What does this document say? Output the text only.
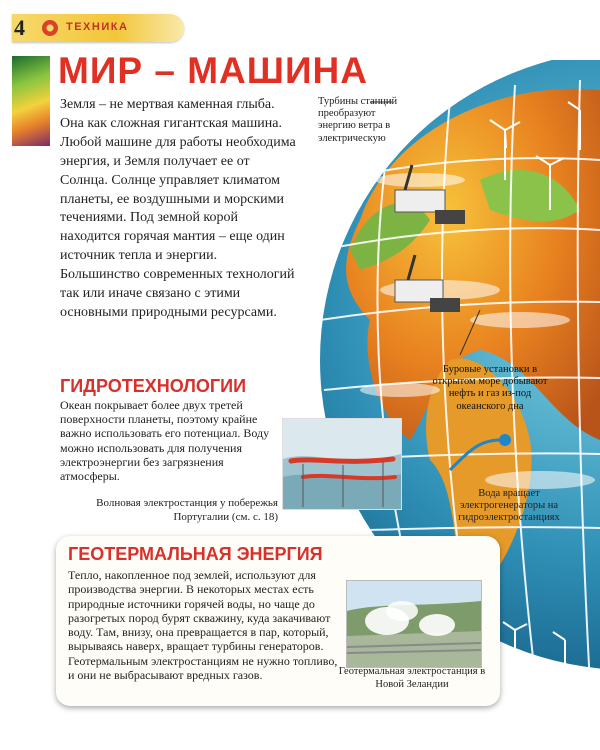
4	ТЕХНИКА
МИР – МАШИНА
Земля – не мертвая каменная глыба. Она как сложная гигантская машина. Любой машине для работы необходима энергия, и Земля получает ее от Солнца. Солнце управляет климатом планеты, ее воздушными и морскими течениями. Под земной корой находится горячая мантия – еще один источник тепла и энергии. Большинство современных технологий так или иначе связано с этими основными природными ресурсами.
Турбины станций преобразуют энергию ветра в электрическую
Буровые установки в открытом море добывают нефть и газ из-под океанского дна
Вода вращает электрогенераторы на гидроэлектростанциях
ГИДРОТЕХНОЛОГИИ
Океан покрывает более двух третей поверхности планеты, поэтому крайне важно использовать его потенциал. Воду можно использовать для получения электроэнергии без загрязнения атмосферы.
Волновая электростанция у побережья Португалии (см. с. 18)
ГЕОТЕРМАЛЬНАЯ ЭНЕРГИЯ
Тепло, накопленное под землей, используют для производства энергии. В некоторых местах есть природные источники горячей воды, но чаще до разогретых пород бурят скважину, куда закачивают воду. Там, внизу, она превращается в пар, который, вырываясь наверх, вращает турбины генераторов. Геотермальным электростанциям не нужно топливо, и они не выбрасывают вредных газов.	Геотермальная электростанция в Новой Зеландии
